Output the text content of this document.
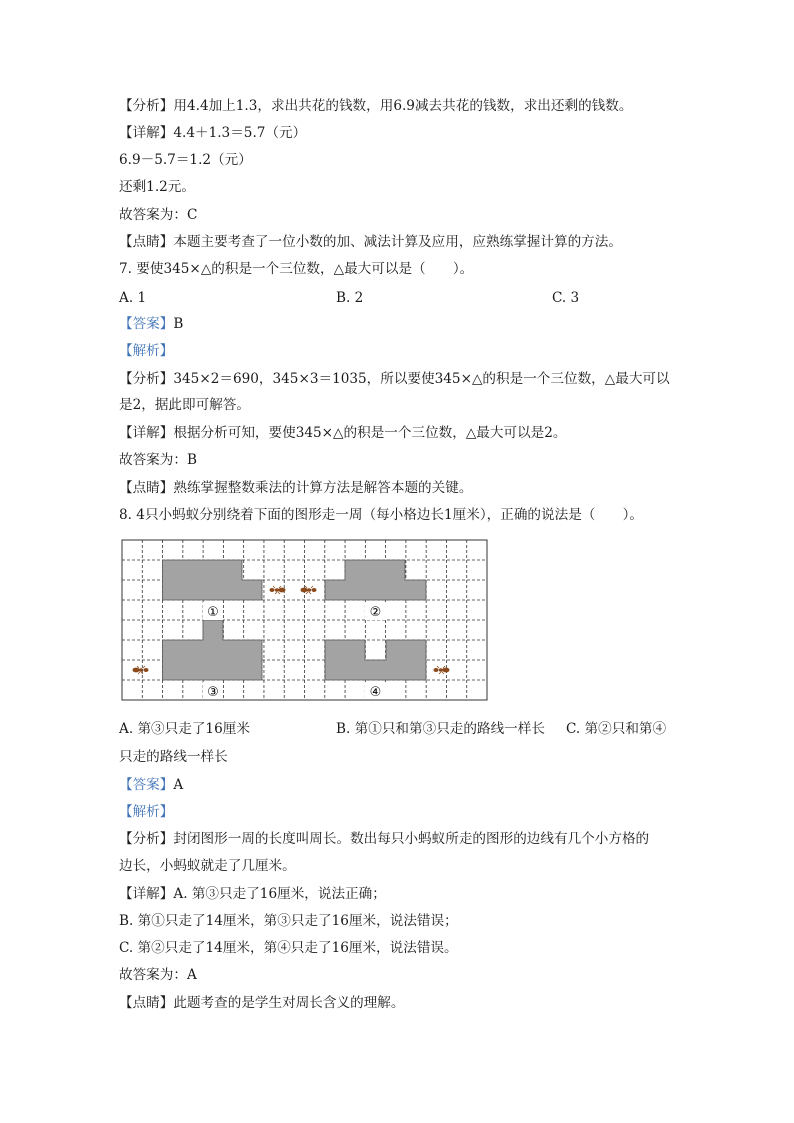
【分析】用4.4加上1.3，求出共花的钱数，用6.9减去共花的钱数，求出还剩的钱数。
【详解】4.4＋1.3＝5.7（元）
6.9－5.7＝1.2（元）
还剩1.2元。
故答案为：C
【点睛】本题主要考查了一位小数的加、减法计算及应用，应熟练掌握计算的方法。
7. 要使345×△的积是一个三位数，△最大可以是（　　）。
A. 1	B. 2	C. 3
【答案】B
【解析】
【分析】345×2＝690，345×3＝1035，所以要使345×△的积是一个三位数，△最大可以
是2，据此即可解答。
【详解】根据分析可知，要使345×△的积是一个三位数，△最大可以是2。
故答案为：B
【点睛】熟练掌握整数乘法的计算方法是解答本题的关键。
8. 4只小蚂蚁分别绕着下面的图形走一周（每小格边长1厘米），正确的说法是（　　）。
①	②
③	④
A. 第③只走了16厘米	B. 第①只和第③只走的路线一样长 C. 第②只和第④
只走的路线一样长
【答案】A
【解析】
【分析】封闭图形一周的长度叫周长。数出每只小蚂蚁所走的图形的边线有几个小方格的
边长，小蚂蚁就走了几厘米。
【详解】A. 第③只走了16厘米，说法正确；
B. 第①只走了14厘米，第③只走了16厘米，说法错误；
C. 第②只走了14厘米，第④只走了16厘米，说法错误。
故答案为：A
【点睛】此题考查的是学生对周长含义的理解。
